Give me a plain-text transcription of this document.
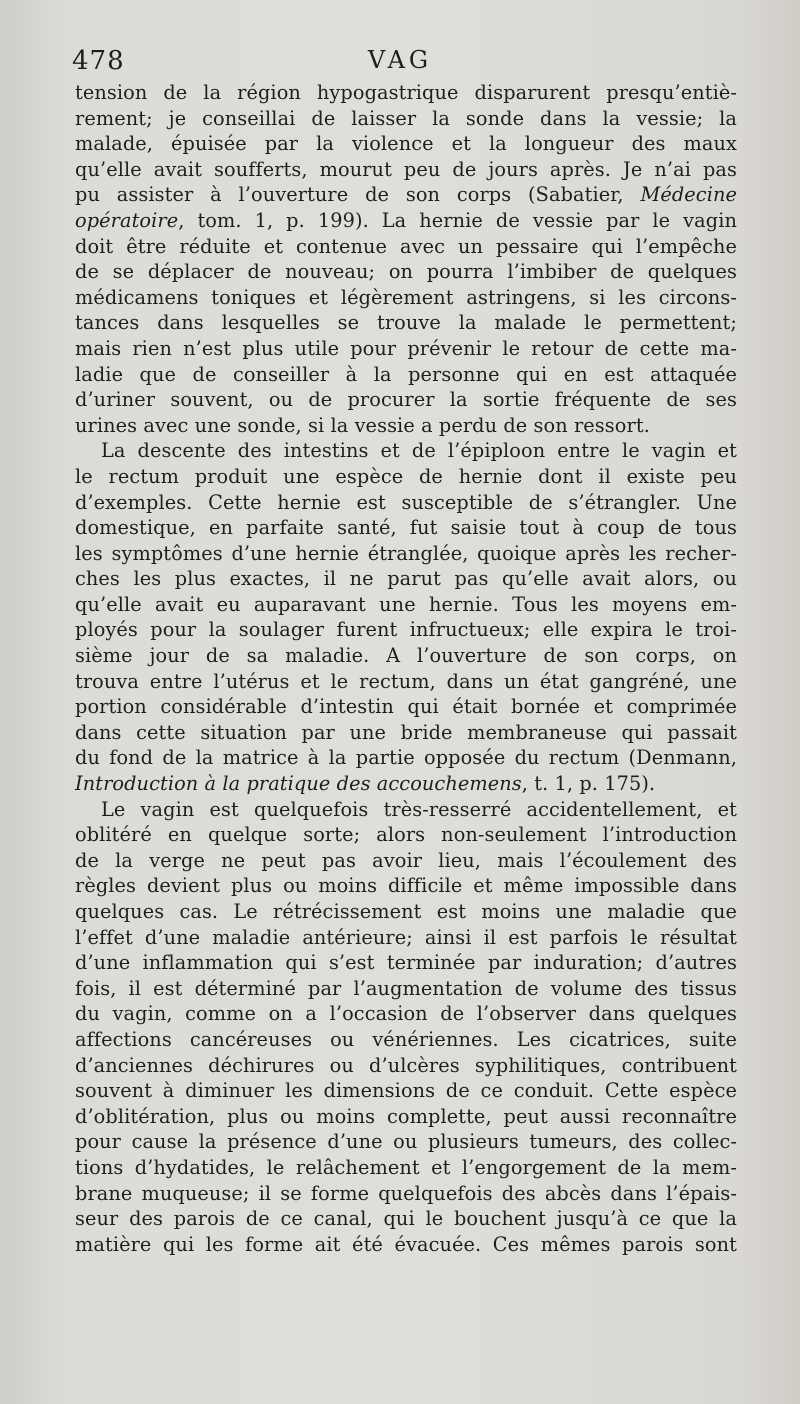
478	VAG
tension de la région hypogastrique disparurent presqu’entiè-
rement; je conseillai de laisser la sonde dans la vessie; la
malade, épuisée par la violence et la longueur des maux
qu’elle avait soufferts, mourut peu de jours après. Je n’ai pas
pu assister à l’ouverture de son corps (Sabatier, Médecine
opératoire, tom. 1, p. 199). La hernie de vessie par le vagin
doit être réduite et contenue avec un pessaire qui l’empêche
de se déplacer de nouveau; on pourra l’imbiber de quelques
médicamens toniques et légèrement astringens, si les circons-
tances dans lesquelles se trouve la malade le permettent;
mais rien n’est plus utile pour prévenir le retour de cette ma-
ladie que de conseiller à la personne qui en est attaquée
d’uriner souvent, ou de procurer la sortie fréquente de ses
urines avec une sonde, si la vessie a perdu de son ressort.
La descente des intestins et de l’épiploon entre le vagin et
le rectum produit une espèce de hernie dont il existe peu
d’exemples. Cette hernie est susceptible de s’étrangler. Une
domestique, en parfaite santé, fut saisie tout à coup de tous
les symptômes d’une hernie étranglée, quoique après les recher-
ches les plus exactes, il ne parut pas qu’elle avait alors, ou
qu’elle avait eu auparavant une hernie. Tous les moyens em-
ployés pour la soulager furent infructueux; elle expira le troi-
sième jour de sa maladie. A l’ouverture de son corps, on
trouva entre l’utérus et le rectum, dans un état gangréné, une
portion considérable d’intestin qui était bornée et comprimée
dans cette situation par une bride membraneuse qui passait
du fond de la matrice à la partie opposée du rectum (Denmann,
Introduction à la pratique des accouchemens, t. 1, p. 175).
Le vagin est quelquefois très-resserré accidentellement, et
oblitéré en quelque sorte; alors non-seulement l’introduction
de la verge ne peut pas avoir lieu, mais l’écoulement des
règles devient plus ou moins difficile et même impossible dans
quelques cas. Le rétrécissement est moins une maladie que
l’effet d’une maladie antérieure; ainsi il est parfois le résultat
d’une inflammation qui s’est terminée par induration; d’autres
fois, il est déterminé par l’augmentation de volume des tissus
du vagin, comme on a l’occasion de l’observer dans quelques
affections cancéreuses ou vénériennes. Les cicatrices, suite
d’anciennes déchirures ou d’ulcères syphilitiques, contribuent
souvent à diminuer les dimensions de ce conduit. Cette espèce
d’oblitération, plus ou moins complette, peut aussi reconnaître
pour cause la présence d’une ou plusieurs tumeurs, des collec-
tions d’hydatides, le relâchement et l’engorgement de la mem-
brane muqueuse; il se forme quelquefois des abcès dans l’épais-
seur des parois de ce canal, qui le bouchent jusqu’à ce que la
matière qui les forme ait été évacuée. Ces mêmes parois sont
